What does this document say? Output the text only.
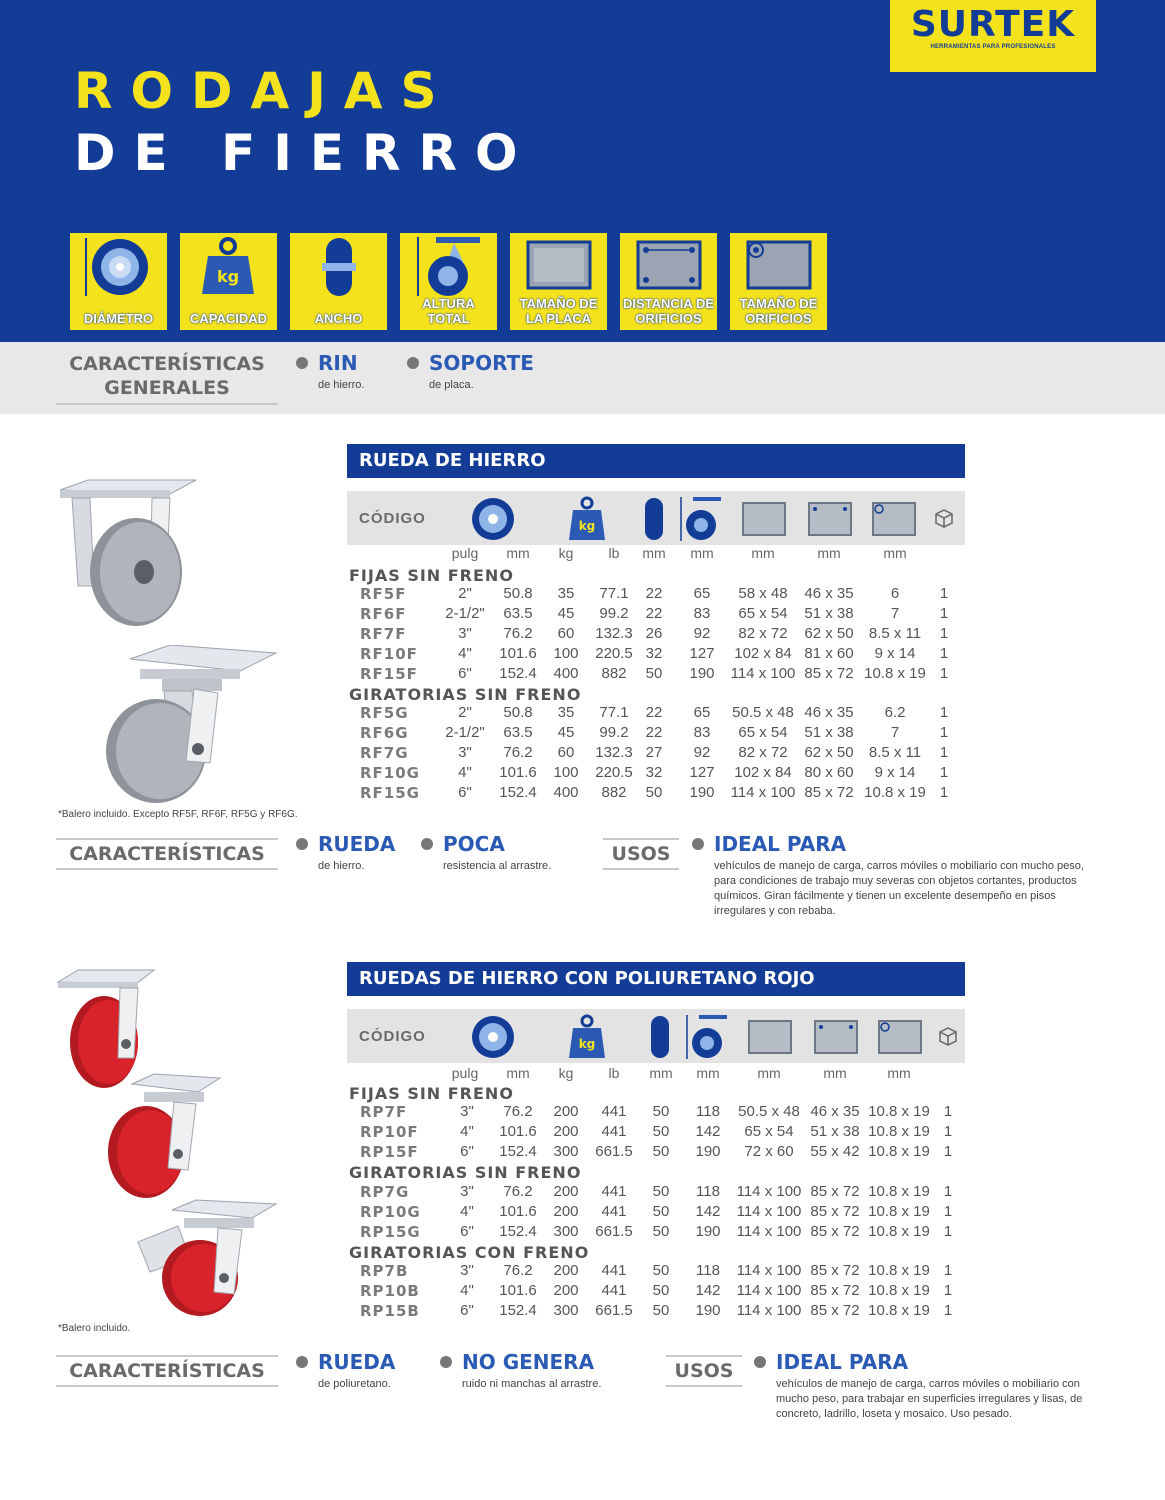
RODAJAS
DE FIERRO
SURTEK
HERRAMIENTAS PARA PROFESIONALES
DIÁMETRO
kg
CAPACIDAD	ANCHO
ALTURA TOTAL
TAMAÑO DE LA PLACA
DISTANCIA DE ORIFICIOS
TAMAÑO DE ORIFICIOS
CARACTERÍSTICAS GENERALES
RIN
de hierro.
SOPORTE
de placa.
RUEDA DE HIERRO
CÓDIGO	kg
pulg mm kg	lb mm mm	mm	mm	mm
FIJAS SIN FRENO
RF5F	2" 50.8 35 77.1 22 65 58 x 48 46 x 35 6	1
RF6F	2-1/2" 63.5 45 99.2 22 83 65 x 54 51 x 38 7	1
RF7F	3" 76.2 60 132.3 26 92 82 x 72 62 x 50 8.5 x 11 1
RF10F	4" 101.6 100 220.5 32 127 102 x 84 81 x 60 9 x 14 1
RF15F	6" 152.4 400 882 50 190 114 x 100 85 x 72 10.8 x 19 1
GIRATORIAS SIN FRENO
RF5G	2" 50.8 35 77.1 22 65 50.5 x 48 46 x 35 6.2 1
RF6G 2-1/2" 63.5 45 99.2 22 83 65 x 54 51 x 38 7	1
RF7G	3" 76.2 60 132.3 27 92 82 x 72 62 x 50 8.5 x 11 1
RF10G	4" 101.6 100 220.5 32 127 102 x 84 80 x 60 9 x 14 1
RF15G	6" 152.4 400 882 50 190 114 x 100 85 x 72 10.8 x 19 1
*Balero incluido. Excepto RF5F, RF6F, RF5G y RF6G.
CARACTERÍSTICAS	RUEDA
de hierro.
POCA
resistencia al arrastre.
USOS	IDEAL PARA
vehículos de manejo de carga, carros móviles o mobiliario con mucho peso, para condiciones de trabajo muy severas con objetos cortantes, productos químicos. Giran fácilmente y tienen un excelente desempeño en pisos irregulares y con rebaba.
RUEDAS DE HIERRO CON POLIURETANO ROJO
CÓDIGO	kg
pulg mm kg	lb mm mm	mm	mm	mm
FIJAS SIN FRENO
RP7F	3" 76.2 200 441 50 118 50.5 x 48 46 x 35 10.8 x 19 1
RP10F	4" 101.6 200 441 50 142 65 x 54 51 x 38 10.8 x 19 1
RP15F	6" 152.4 300 661.5 50 190 72 x 60 55 x 42 10.8 x 19 1
GIRATORIAS SIN FRENO
RP7G	3" 76.2 200 441 50 118 114 x 100 85 x 72 10.8 x 19 1
RP10G	4" 101.6 200 441 50 142 114 x 100 85 x 72 10.8 x 19 1
RP15G	6" 152.4 300 661.5 50 190 114 x 100 85 x 72 10.8 x 19 1
GIRATORIAS CON FRENO
RP7B	3" 76.2 200 441 50 118 114 x 100 85 x 72 10.8 x 19 1
RP10B	4" 101.6 200 441 50 142 114 x 100 85 x 72 10.8 x 19 1
RP15B	6" 152.4 300 661.5 50 190 114 x 100 85 x 72 10.8 x 19 1
*Balero incluido.
CARACTERÍSTICAS	RUEDA
de poliuretano.
NO GENERA
ruido ni manchas al arrastre.
USOS	IDEAL PARA
vehículos de manejo de carga, carros móviles o mobiliario con mucho peso, para trabajar en superficies irregulares y lisas, de concreto, ladrillo, loseta y mosaico. Uso pesado.
